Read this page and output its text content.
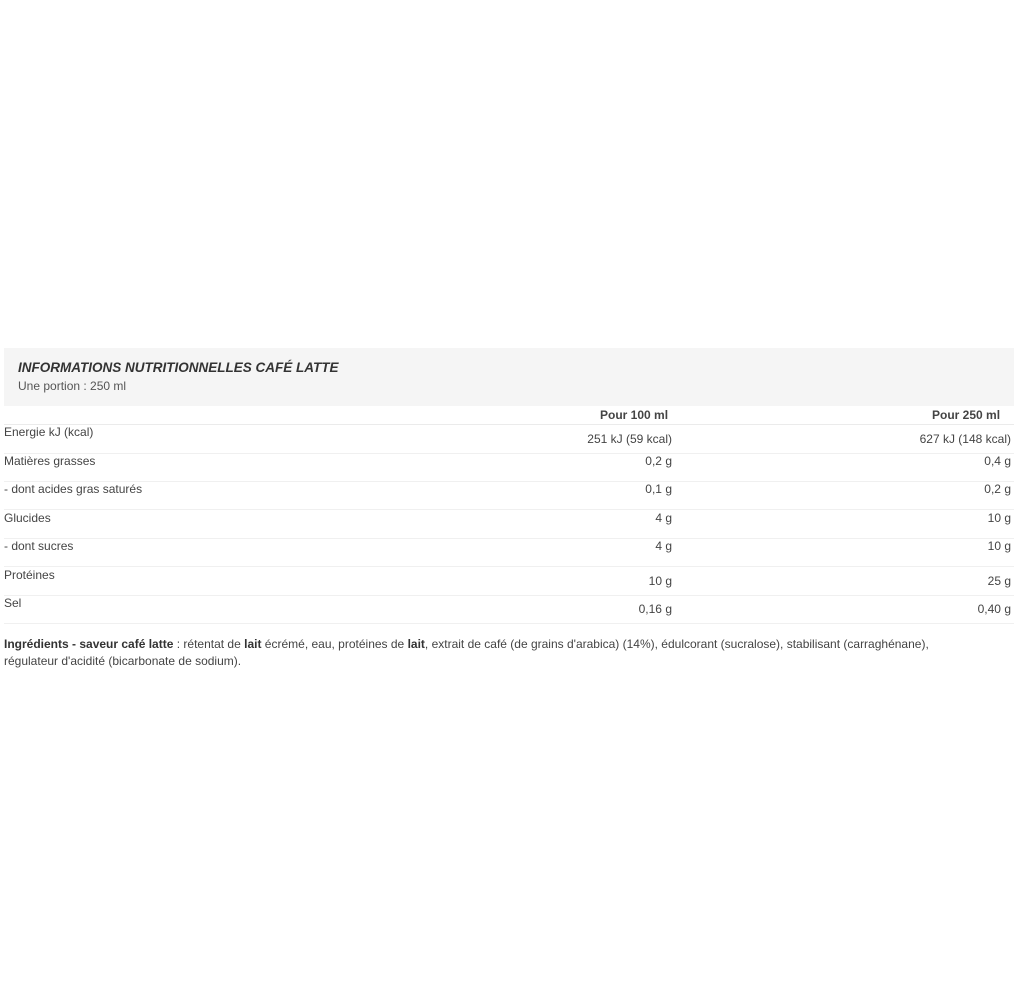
INFORMATIONS NUTRITIONNELLES CAFÉ LATTE
Une portion : 250 ml
Pour 100 ml	Pour 250 ml
Energie kJ (kcal)	251 kJ (59 kcal)	627 kJ (148 kcal)
Matières grasses	0,2 g	0,4 g
- dont acides gras saturés	0,1 g	0,2 g
Glucides	4 g	10 g
- dont sucres	4 g	10 g
Protéines	10 g	25 g
Sel	0,16 g	0,40 g

Ingrédients - saveur café latte : rétentat de lait écrémé, eau, protéines de lait, extrait de café (de grains d'arabica) (14%), édulcorant (sucralose), stabilisant (carraghénane), régulateur d'acidité (bicarbonate de sodium).
